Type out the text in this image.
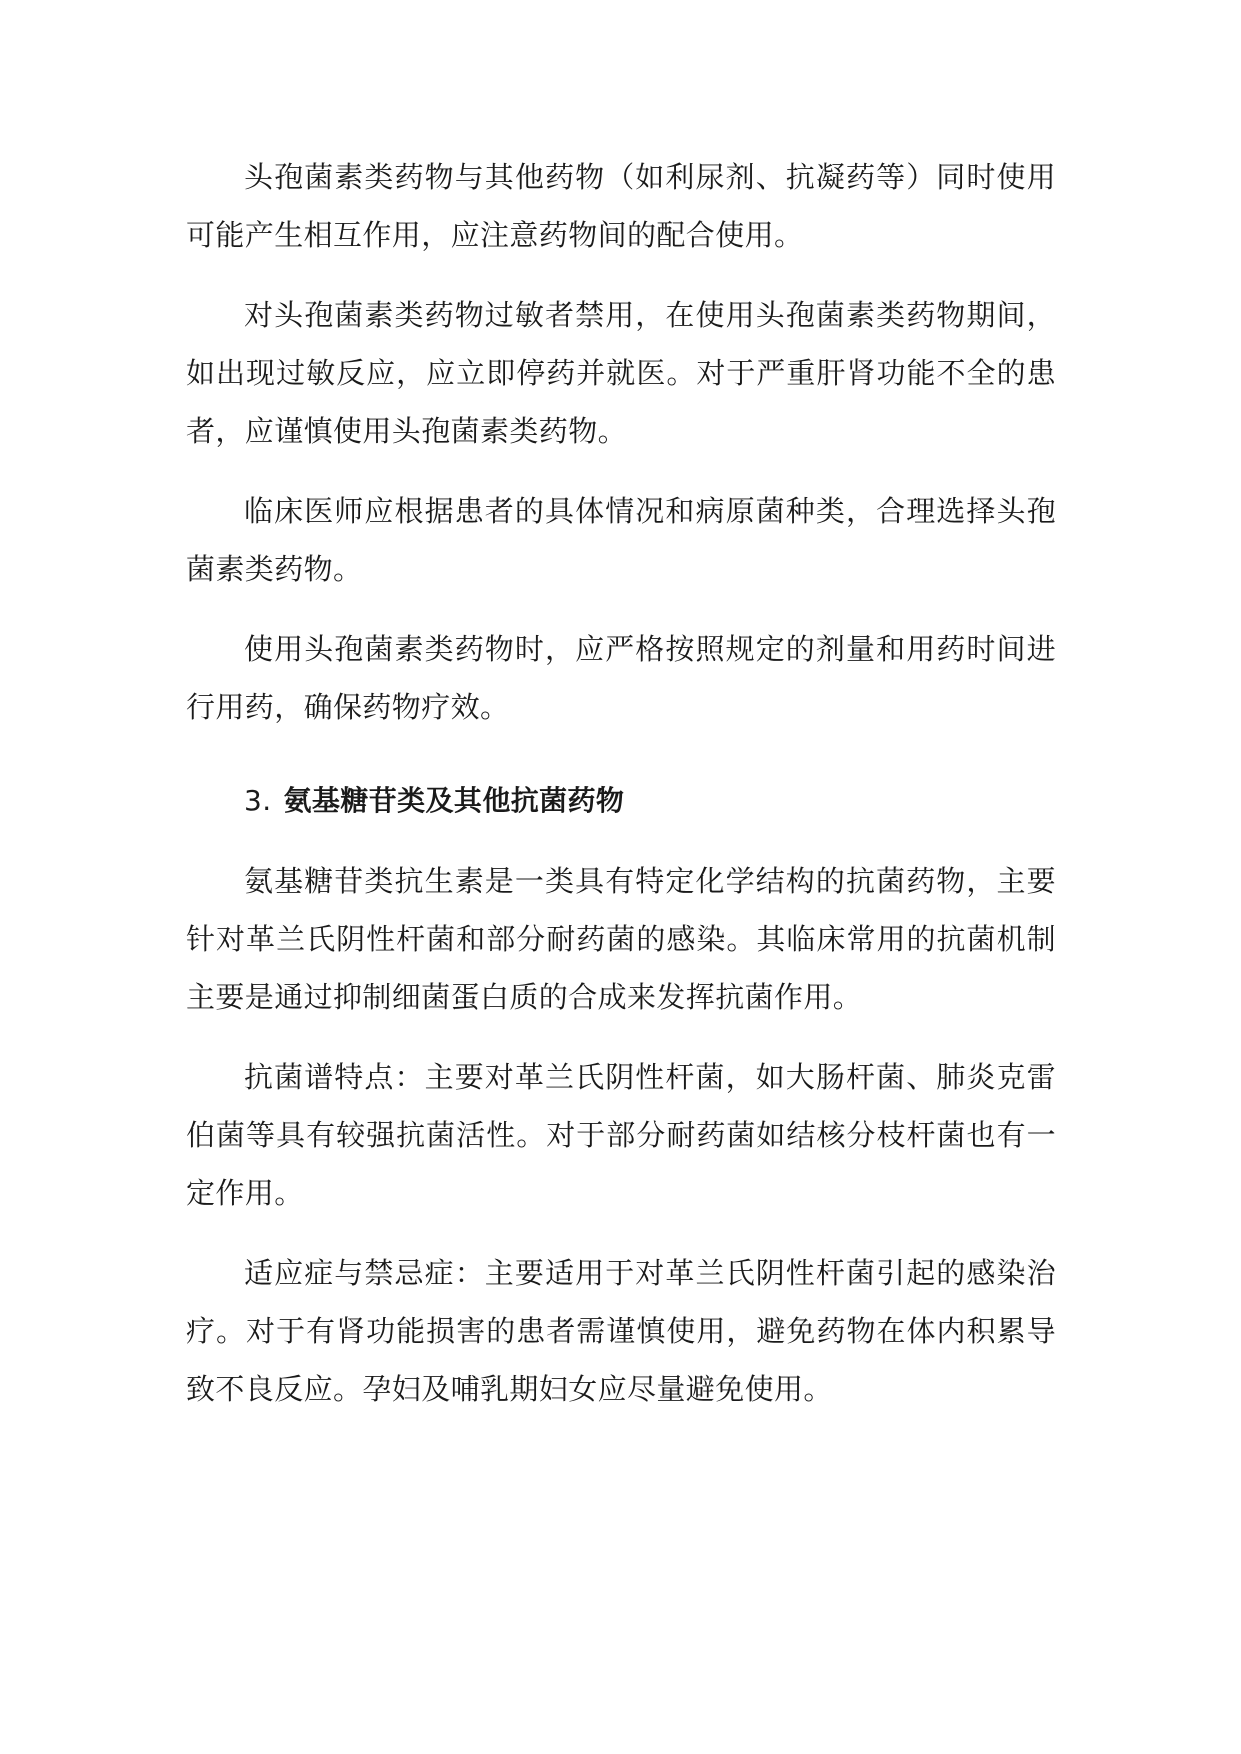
头孢菌素类药物与其他药物（如利尿剂、抗凝药等）同时使用可能产生相互作用，应注意药物间的配合使用。

对头孢菌素类药物过敏者禁用，在使用头孢菌素类药物期间，如出现过敏反应，应立即停药并就医。对于严重肝肾功能不全的患者，应谨慎使用头孢菌素类药物。

临床医师应根据患者的具体情况和病原菌种类，合理选择头孢菌素类药物。

使用头孢菌素类药物时，应严格按照规定的剂量和用药时间进行用药，确保药物疗效。

3. 氨基糖苷类及其他抗菌药物

氨基糖苷类抗生素是一类具有特定化学结构的抗菌药物，主要针对革兰氏阴性杆菌和部分耐药菌的感染。其临床常用的抗菌机制主要是通过抑制细菌蛋白质的合成来发挥抗菌作用。

抗菌谱特点：主要对革兰氏阴性杆菌，如大肠杆菌、肺炎克雷伯菌等具有较强抗菌活性。对于部分耐药菌如结核分枝杆菌也有一定作用。

适应症与禁忌症：主要适用于对革兰氏阴性杆菌引起的感染治疗。对于有肾功能损害的患者需谨慎使用，避免药物在体内积累导致不良反应。孕妇及哺乳期妇女应尽量避免使用。
